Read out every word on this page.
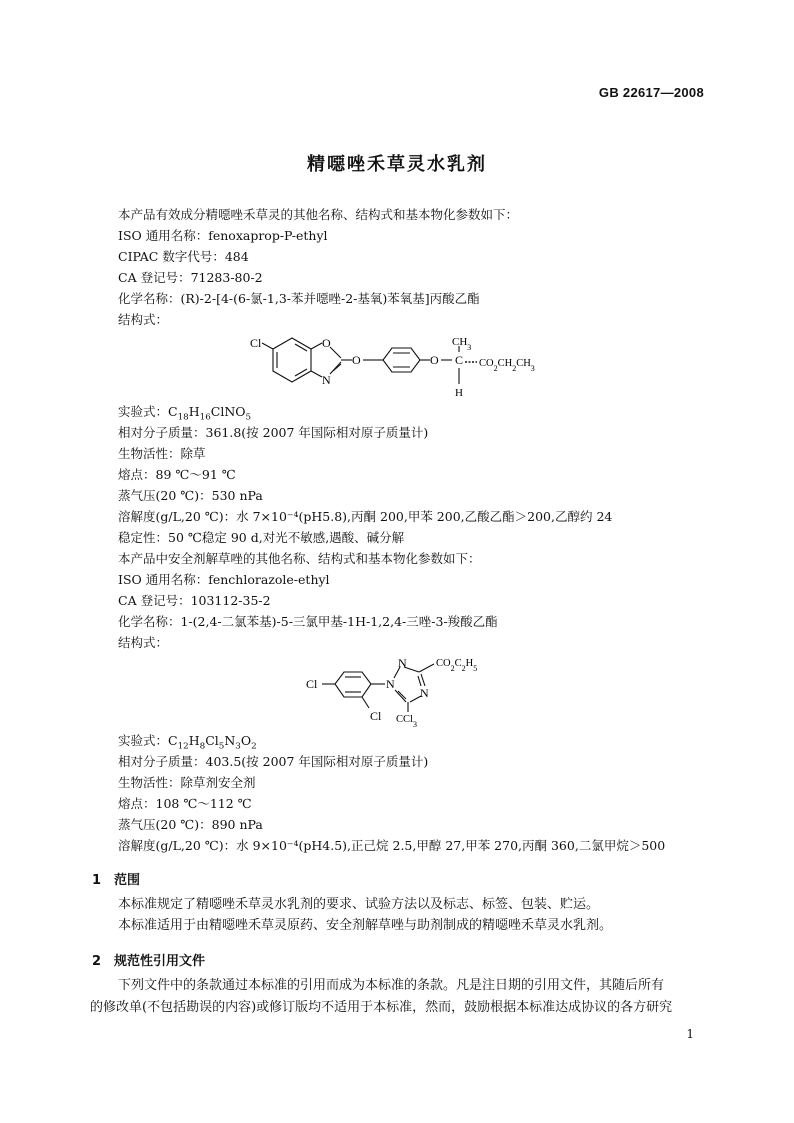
GB 22617—2008
精噁唑禾草灵水乳剂
本产品有效成分精噁唑禾草灵的其他名称、结构式和基本物化参数如下：
ISO 通用名称：fenoxaprop-P-ethyl
CIPAC 数字代号：484
CA 登记号：71283-80-2
化学名称：(R)-2-[4-(6-氯-1,3-苯并噁唑-2-基氧)苯氧基]丙酸乙酯
结构式：
Cl	O
N
O	O C
$CH_3$
H
$CO_2CH_2CH_3$
实验式：$C_{18}H_{16}ClNO_5$
相对分子质量：361.8(按 2007 年国际相对原子质量计)
生物活性：除草
熔点：89 ℃～91 ℃
蒸气压(20 ℃)：530 nPa
溶解度(g/L,20 ℃)：水 7×10⁻⁴(pH5.8),丙酮 200,甲苯 200,乙酸乙酯＞200,乙醇约 24
稳定性：50 ℃稳定 90 d,对光不敏感,遇酸、碱分解
本产品中安全剂解草唑的其他名称、结构式和基本物化参数如下：
ISO 通用名称：fenchlorazole-ethyl
CA 登记号：103112-35-2
化学名称：1-(2,4-二氯苯基)-5-三氯甲基-1H-1,2,4-三唑-3-羧酸乙酯
结构式：
Cl
Cl
N
N
N
$CO_2C_2H_5$
CCl$_3$
实验式：$C_{12}H_8Cl_5N_3O_2$
相对分子质量：403.5(按 2007 年国际相对原子质量计)
生物活性：除草剂安全剂
熔点：108 ℃～112 ℃
蒸气压(20 ℃)：890 nPa
溶解度(g/L,20 ℃)：水 9×10⁻⁴(pH4.5),正己烷 2.5,甲醇 27,甲苯 270,丙酮 360,二氯甲烷＞500
1 范围
本标准规定了精噁唑禾草灵水乳剂的要求、试验方法以及标志、标签、包装、贮运。
本标准适用于由精噁唑禾草灵原药、安全剂解草唑与助剂制成的精噁唑禾草灵水乳剂。
2 规范性引用文件
下列文件中的条款通过本标准的引用而成为本标准的条款。凡是注日期的引用文件，其随后所有
的修改单(不包括勘误的内容)或修订版均不适用于本标准，然而，鼓励根据本标准达成协议的各方研究
1
